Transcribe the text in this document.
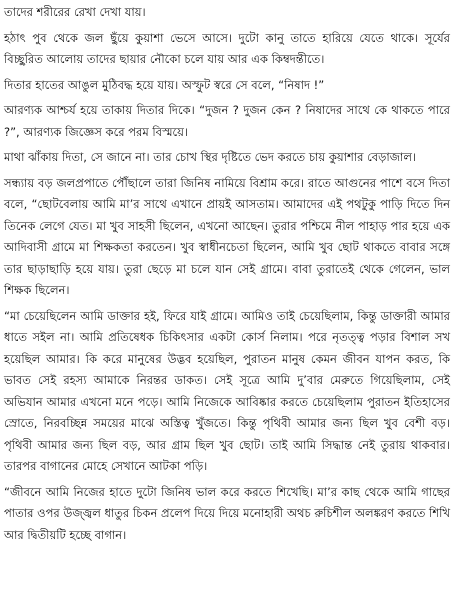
তাদের শরীরের রেখা দেখা যায়।

হঠাৎ পুব থেকে জল ছুঁয়ে কুয়াশা ভেসে আসে। দুটো কানু তাতে হারিয়ে যেতে থাকে। সূর্যের বিচ্ছুরিত আলোয় তাদের ছায়ার নৌকো চলে যায় আর এক কিম্বদন্তীতে।

দিতার হাতের আঙুল মুঠিবদ্ধ হয়ে যায়। অস্ফুট স্বরে সে বলে, “নিষাদ !”

আরণ্যক আশ্চর্য হয়ে তাকায় দিতার দিকে। “দুজন ? দুজন কেন ? নিষাদের সাথে কে থাকতে পারে ?”, আরণ্যক জিজ্ঞেস করে পরম বিস্ময়ে।

মাথা ঝাঁকায় দিতা, সে জানে না। তার চোখ স্থির দৃষ্টিতে ভেদ করতে চায় কুয়াশার বেড়াজাল।

সন্ধ্যায় বড় জলপ্রপাতে পৌঁছালে তারা জিনিষ নামিয়ে বিশ্রাম করে। রাতে আগুনের পাশে বসে দিতা বলে, “ছোটবেলায় আমি মা’র সাথে এখানে প্রায়ই আসতাম। আমাদের এই পথটুকু পাড়ি দিতে দিন তিনেক লেগে যেত। মা খুব সাহসী ছিলেন, এখনো আছেন। তুরার পশ্চিমে নীল পাহাড় পার হয়ে এক আদিবাসী গ্রামে মা শিক্ষকতা করতেন। খুব স্বাধীনচেতা ছিলেন, আমি খুব ছোট থাকতে বাবার সঙ্গে তার ছাড়াছাড়ি হয়ে যায়। তুরা ছেড়ে মা চলে যান সেই গ্রামে। বাবা তুরাতেই থেকে গেলেন, ভাল শিক্ষক ছিলেন।

“মা চেয়েছিলেন আমি ডাক্তার হই, ফিরে যাই গ্রামে। আমিও তাই চেয়েছিলাম, কিন্তু ডাক্তারী আমার ধাতে সইল না। আমি প্রতিষেধক চিকিৎসার একটা কোর্স নিলাম। পরে নৃতত্ত্ব পড়ার বিশাল সখ হয়েছিল আমার। কি করে মানুষের উদ্ভব হয়েছিল, পুরাতন মানুষ কেমন জীবন যাপন করত, কি ভাবত সেই রহস্য আমাকে নিরন্তর ডাকত। সেই সূত্রে আমি দু’বার মেরুতে গিয়েছিলাম, সেই অভিযান আমার এখনো মনে পড়ে। আমি নিজেকে আবিষ্কার করতে চেয়েছিলাম পুরাতন ইতিহাসের স্রোতে, নিরবচ্ছিন্ন সময়ের মাঝে অস্তিত্ব খুঁজতে। কিন্তু পৃথিবী আমার জন্য ছিল খুব বেশী বড়। পৃথিবী আমার জন্য ছিল বড়, আর গ্রাম ছিল খুব ছোট। তাই আমি সিদ্ধান্ত নেই তুরায় থাকবার। তারপর বাগানের মোহে সেখানে আটকা পড়ি।

“জীবনে আমি নিজের হাতে দুটো জিনিষ ভাল করে করতে শিখেছি। মা’র কাছ থেকে আমি গাছের পাতার ওপর উজ্জ্বল ধাতুর চিকন প্রলেপ দিয়ে দিয়ে মনোহারী অথচ রুচিশীল অলঙ্করণ করতে শিখি আর দ্বিতীয়টি হচ্ছে বাগান।
